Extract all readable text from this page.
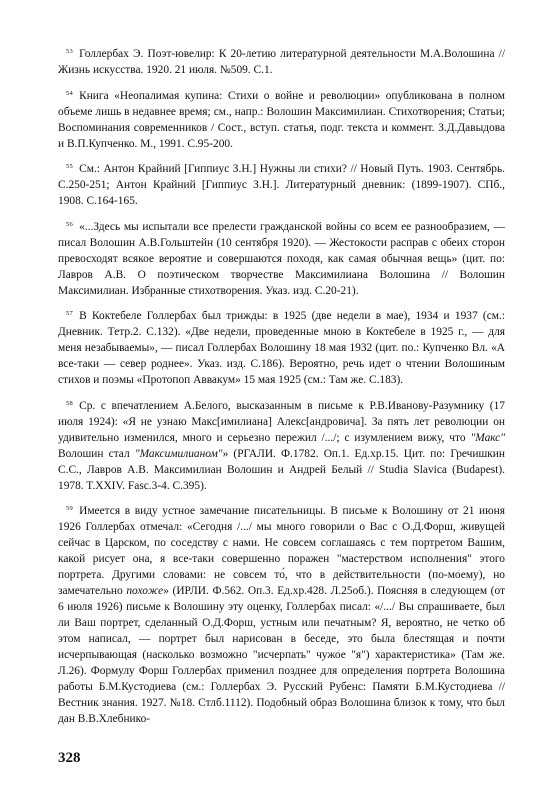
$^{53}$ Голлербах Э. Поэт-ювелир: К 20-летию литературной деятельности М.А.Волошина // Жизнь искусства. 1920. 21 июля. №509. С.1.

$^{54}$ Книга «Неопалимая купина: Стихи о войне и революции» опубликована в полном объеме лишь в недавнее время; см., напр.: Волошин Максимилиан. Стихотворения; Статьи; Воспоминания современников / Сост., вступ. статья, подг. текста и коммент. З.Д.Давыдова и В.П.Купченко. М., 1991. С.95-200.

$^{55}$ См.: Антон Крайний [Гиппиус З.Н.] Нужны ли стихи? // Новый Путь. 1903. Сентябрь. С.250-251; Антон Крайний [Гиппиус З.Н.]. Литературный дневник: (1899-1907). СПб., 1908. С.164-165.

$^{56}$ «...Здесь мы испытали все прелести гражданской войны со всем ее разнообразием, — писал Волошин А.В.Гольштейн (10 сентября 1920). — Жестокости расправ с обеих сторон превосходят всякое вероятие и совершаются походя, как самая обычная вещь» (цит. по: Лавров А.В. О поэтическом творчестве Максимилиана Волошина // Волошин Максимилиан. Избранные стихотворения. Указ. изд. С.20-21).

$^{57}$ В Коктебеле Голлербах был трижды: в 1925 (две недели в мае), 1934 и 1937 (см.: Дневник. Тетр.2. С.132). «Две недели, проведенные мною в Коктебеле в 1925 г., — для меня незабываемы», — писал Голлербах Волошину 18 мая 1932 (цит. по.: Купченко Вл. «А все-таки — север роднее». Указ. изд. С.186). Вероятно, речь идет о чтении Волошиным стихов и поэмы «Протопоп Аввакум» 15 мая 1925 (см.: Там же. С.183).

$^{58}$ Ср. с впечатлением А.Белого, высказанным в письме к Р.В.Иванову-Разумнику (17 июля 1924): «Я не узнаю Макс[имилиана] Алекс[андровича]. За пять лет революции он удивительно изменился, много и серьезно пережил /.../; с изумлением вижу, что "Макс" Волошин стал "Максимилианом"» (РГАЛИ. Ф.1782. Оп.1. Ед.хр.15. Цит. по: Гречишкин С.С., Лавров А.В. Максимилиан Волошин и Андрей Белый // Studia Slavica (Budapest). 1978. T.XXIV. Fasc.3-4. С.395).

$^{59}$ Имеется в виду устное замечание писательницы. В письме к Волошину от 21 июня 1926 Голлербах отмечал: «Сегодня /.../ мы много говорили о Вас с О.Д.Форш, живущей сейчас в Царском, по соседству с нами. Не совсем соглашаясь с тем портретом Вашим, какой рисует она, я все-таки совершенно поражен "мастерством исполнения" этого портрета. Другими словами: не совсем то́, что в действительности (по-моему), но замечательно похоже» (ИРЛИ. Ф.562. Оп.3. Ед.хр.428. Л.25об.). Поясняя в следующем (от 6 июля 1926) письме к Волошину эту оценку, Голлербах писал: «/.../ Вы спрашиваете, был ли Ваш портрет, сделанный О.Д.Форш, устным или печатным? Я, вероятно, не четко об этом написал, — портрет был нарисован в беседе, это была блестящая и почти исчерпывающая (насколько возможно "исчерпать" чужое "я") характеристика» (Там же. Л.26). Формулу Форш Голлербах применил позднее для определения портрета Волошина работы Б.М.Кустодиева (см.: Голлербах Э. Русский Рубенс: Памяти Б.М.Кустодиева // Вестник знания. 1927. №18. Стлб.1112). Подобный образ Волошина близок к тому, что был дан В.В.Хлебнико-

328
